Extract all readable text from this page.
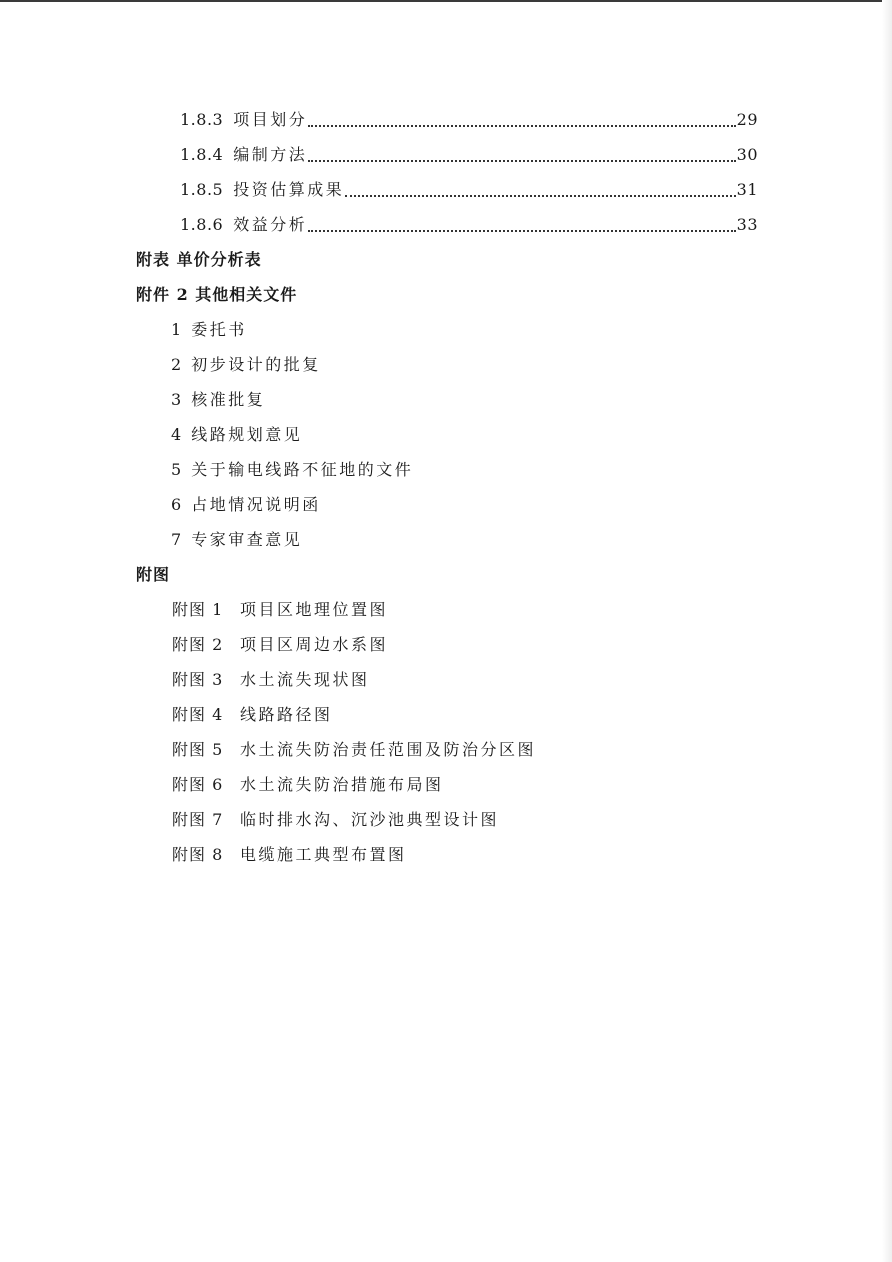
1.8.3 项目划分	29
1.8.4 编制方法	30
1.8.5 投资估算成果	31
1.8.6 效益分析	33
附表 单价分析表
附件 2 其他相关文件
1 委托书
2 初步设计的批复
3 核准批复
4 线路规划意见
5 关于输电线路不征地的文件
6 占地情况说明函
7 专家审查意见
附图
附图 1	项目区地理位置图
附图 2	项目区周边水系图
附图 3	水土流失现状图
附图 4	线路路径图
附图 5	水土流失防治责任范围及防治分区图
附图 6	水土流失防治措施布局图
附图 7	临时排水沟、沉沙池典型设计图
附图 8	电缆施工典型布置图
